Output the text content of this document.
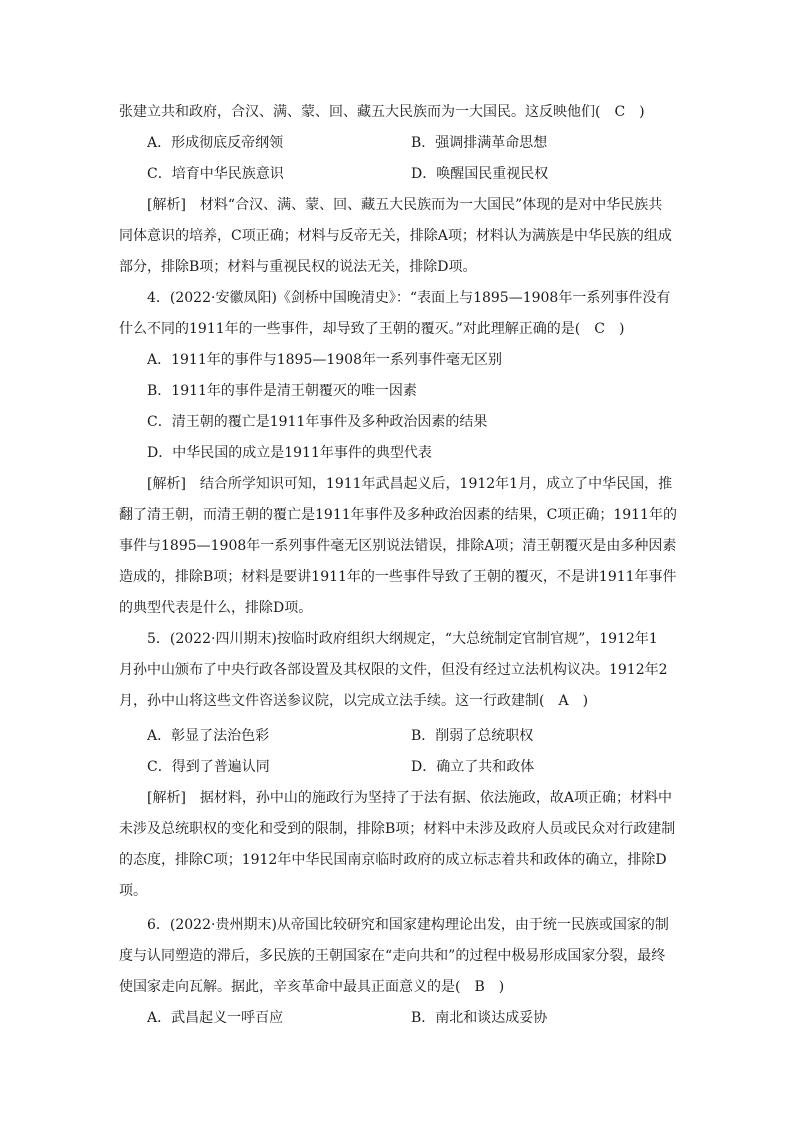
张建立共和政府，合汉、满、蒙、回、藏五大民族而为一大国民。这反映他们(　C　)
A．形成彻底反帝纲领	B．强调排满革命思想
C．培育中华民族意识	D．唤醒国民重视民权
[解析]　材料“合汉、满、蒙、回、藏五大民族而为一大国民”体现的是对中华民族共
同体意识的培养，C项正确；材料与反帝无关，排除A项；材料认为满族是中华民族的组成
部分，排除B项；材料与重视民权的说法无关，排除D项。
4．(2022·安徽凤阳)《剑桥中国晚清史》：“表面上与1895—1908年一系列事件没有
什么不同的1911年的一些事件，却导致了王朝的覆灭。”对此理解正确的是(　C　)
A．1911年的事件与1895—1908年一系列事件毫无区别
B．1911年的事件是清王朝覆灭的唯一因素
C．清王朝的覆亡是1911年事件及多种政治因素的结果
D．中华民国的成立是1911年事件的典型代表
[解析]　结合所学知识可知，1911年武昌起义后，1912年1月，成立了中华民国，推
翻了清王朝，而清王朝的覆亡是1911年事件及多种政治因素的结果，C项正确；1911年的
事件与1895—1908年一系列事件毫无区别说法错误，排除A项；清王朝覆灭是由多种因素
造成的，排除B项；材料是要讲1911年的一些事件导致了王朝的覆灭，不是讲1911年事件
的典型代表是什么，排除D项。
5．(2022·四川期末)按临时政府组织大纲规定，“大总统制定官制官规”，1912年1
月孙中山颁布了中央行政各部设置及其权限的文件，但没有经过立法机构议决。1912年2
月，孙中山将这些文件咨送参议院，以完成立法手续。这一行政建制(　A　)
A．彰显了法治色彩	B．削弱了总统职权
C．得到了普遍认同	D．确立了共和政体
[解析]　据材料，孙中山的施政行为坚持了于法有据、依法施政，故A项正确；材料中
未涉及总统职权的变化和受到的限制，排除B项；材料中未涉及政府人员或民众对行政建制
的态度，排除C项；1912年中华民国南京临时政府的成立标志着共和政体的确立，排除D
项。
6．(2022·贵州期末)从帝国比较研究和国家建构理论出发，由于统一民族或国家的制
度与认同塑造的滞后，多民族的王朝国家在“走向共和”的过程中极易形成国家分裂，最终
使国家走向瓦解。据此，辛亥革命中最具正面意义的是(　B　)
A．武昌起义一呼百应	B．南北和谈达成妥协
